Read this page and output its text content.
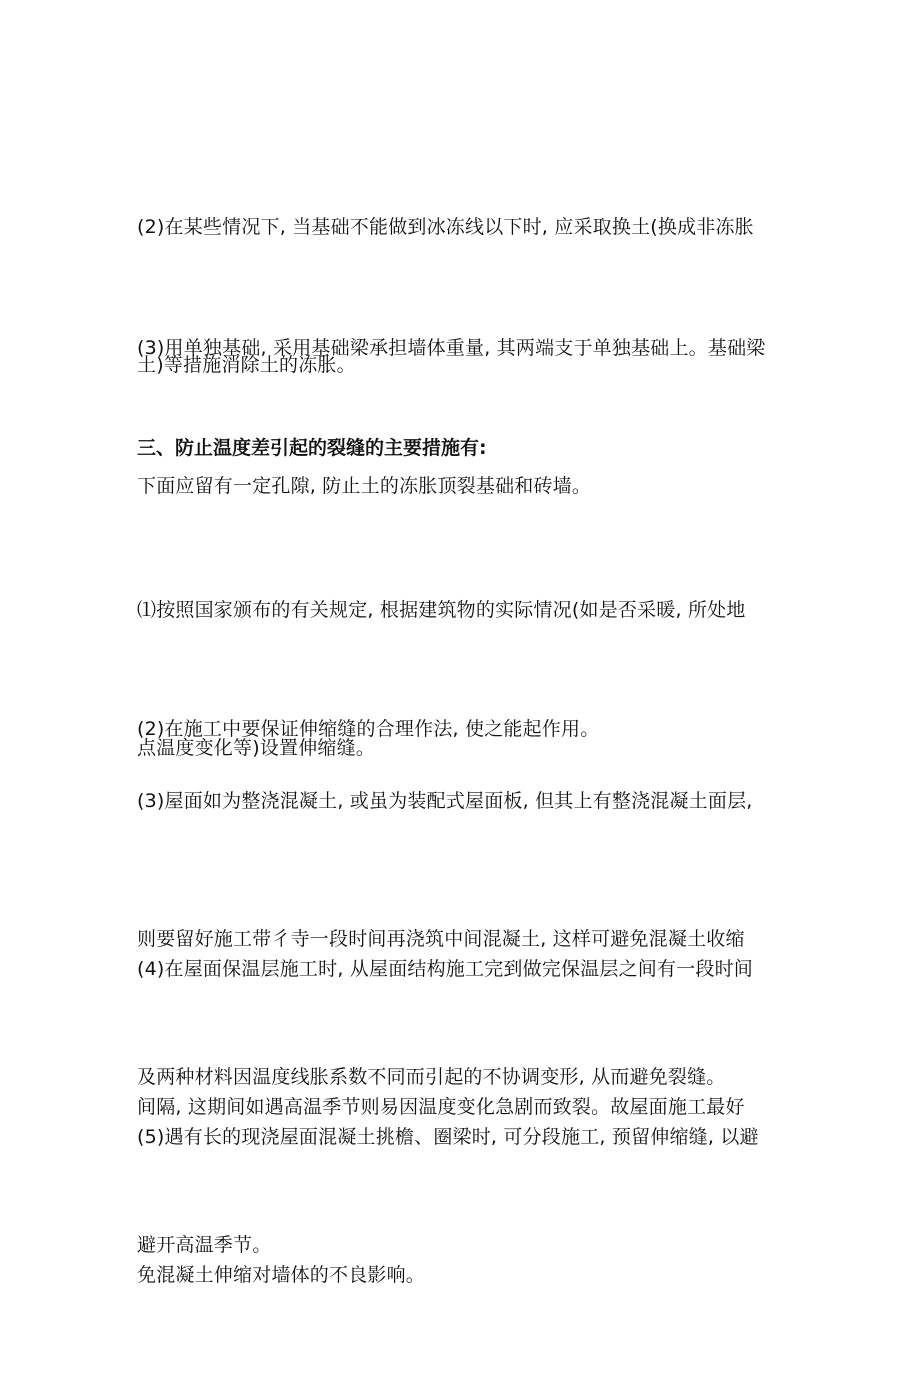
(2)在某些情况下, 当基础不能做到冰冻线以下时, 应采取换土(换成非冻胀

土)等措施消除土的冻胀。

(3)用单独基础, 采用基础梁承担墙体重量, 其两端支于单独基础上。基础梁

下面应留有一定孔隙, 防止土的冻胀顶裂基础和砖墙。

三、防止温度差引起的裂缝的主要措施有:

⑴按照国家颁布的有关规定, 根据建筑物的实际情况(如是否采暖, 所处地

点温度变化等)设置伸缩缝。

(2)在施工中要保证伸缩缝的合理作法, 使之能起作用。

(3)屋面如为整浇混凝土, 或虽为装配式屋面板, 但其上有整浇混凝土面层,

则要留好施工带彳寺一段时间再浇筑中间混凝土, 这样可避免混凝土收缩

及两种材料因温度线胀系数不同而引起的不协调变形, 从而避免裂缝。

(4)在屋面保温层施工时, 从屋面结构施工完到做完保温层之间有一段时间

间隔, 这期间如遇高温季节则易因温度变化急剧而致裂。故屋面施工最好

避开高温季节。

(5)遇有长的现浇屋面混凝土挑檐、圈梁时, 可分段施工, 预留伸缩缝, 以避

免混凝土伸缩对墙体的不良影响。
